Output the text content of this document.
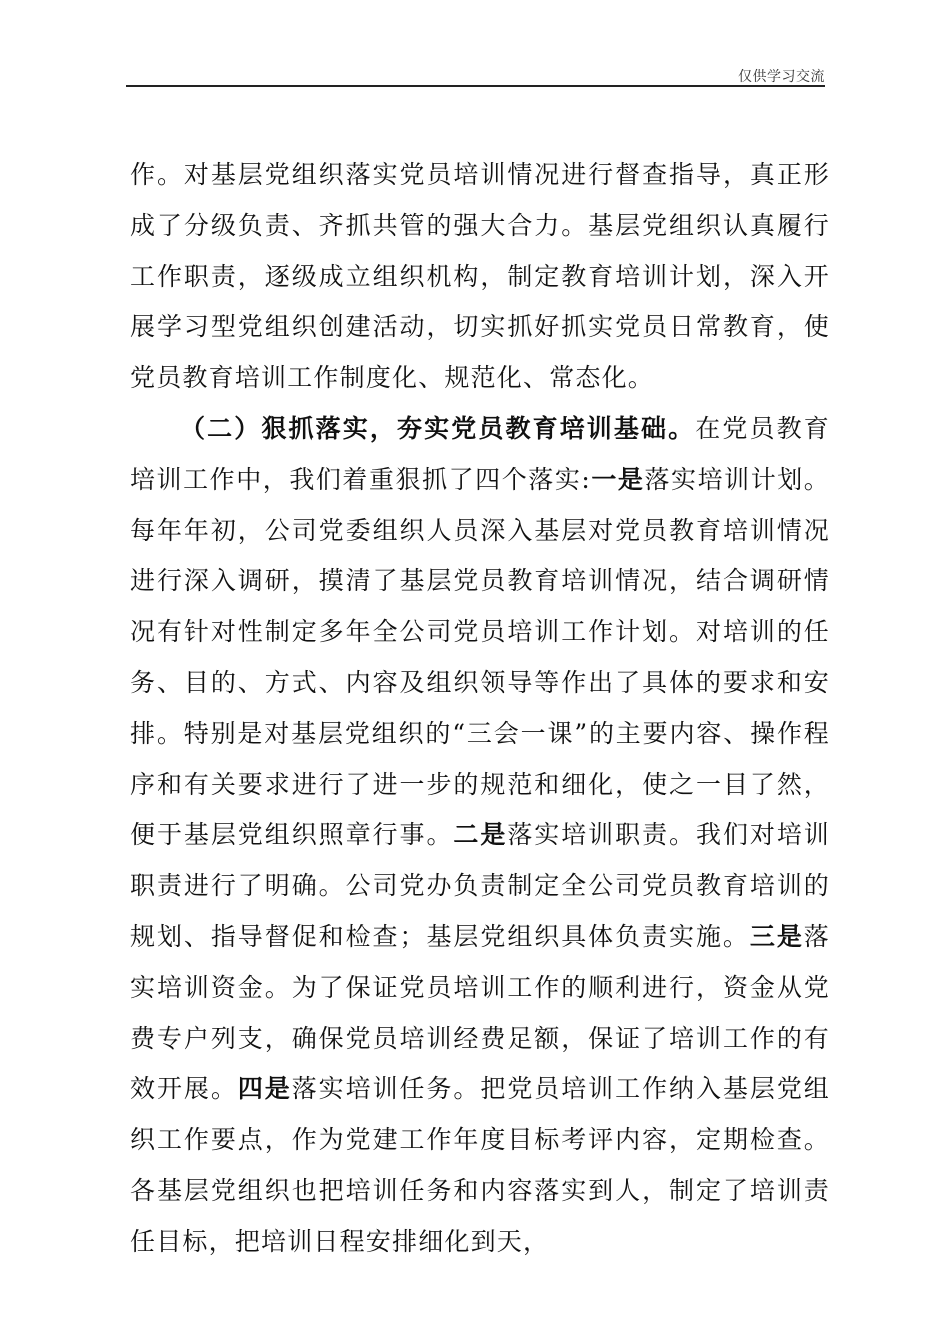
仅供学习交流

作。对基层党组织落实党员培训情况进行督查指导，真正形成了分级负责、齐抓共管的强大合力。基层党组织认真履行工作职责，逐级成立组织机构，制定教育培训计划，深入开展学习型党组织创建活动，切实抓好抓实党员日常教育，使党员教育培训工作制度化、规范化、常态化。

（二）狠抓落实，夯实党员教育培训基础。在党员教育培训工作中，我们着重狠抓了四个落实:一是落实培训计划。每年年初，公司党委组织人员深入基层对党员教育培训情况进行深入调研，摸清了基层党员教育培训情况，结合调研情况有针对性制定多年全公司党员培训工作计划。对培训的任务、目的、方式、内容及组织领导等作出了具体的要求和安排。特别是对基层党组织的“三会一课”的主要内容、操作程序和有关要求进行了进一步的规范和细化，使之一目了然，便于基层党组织照章行事。二是落实培训职责。我们对培训职责进行了明确。公司党办负责制定全公司党员教育培训的规划、指导督促和检查；基层党组织具体负责实施。三是落实培训资金。为了保证党员培训工作的顺利进行，资金从党费专户列支，确保党员培训经费足额，保证了培训工作的有效开展。四是落实培训任务。把党员培训工作纳入基层党组织工作要点，作为党建工作年度目标考评内容，定期检查。各基层党组织也把培训任务和内容落实到人，制定了培训责任目标，把培训日程安排细化到天，
